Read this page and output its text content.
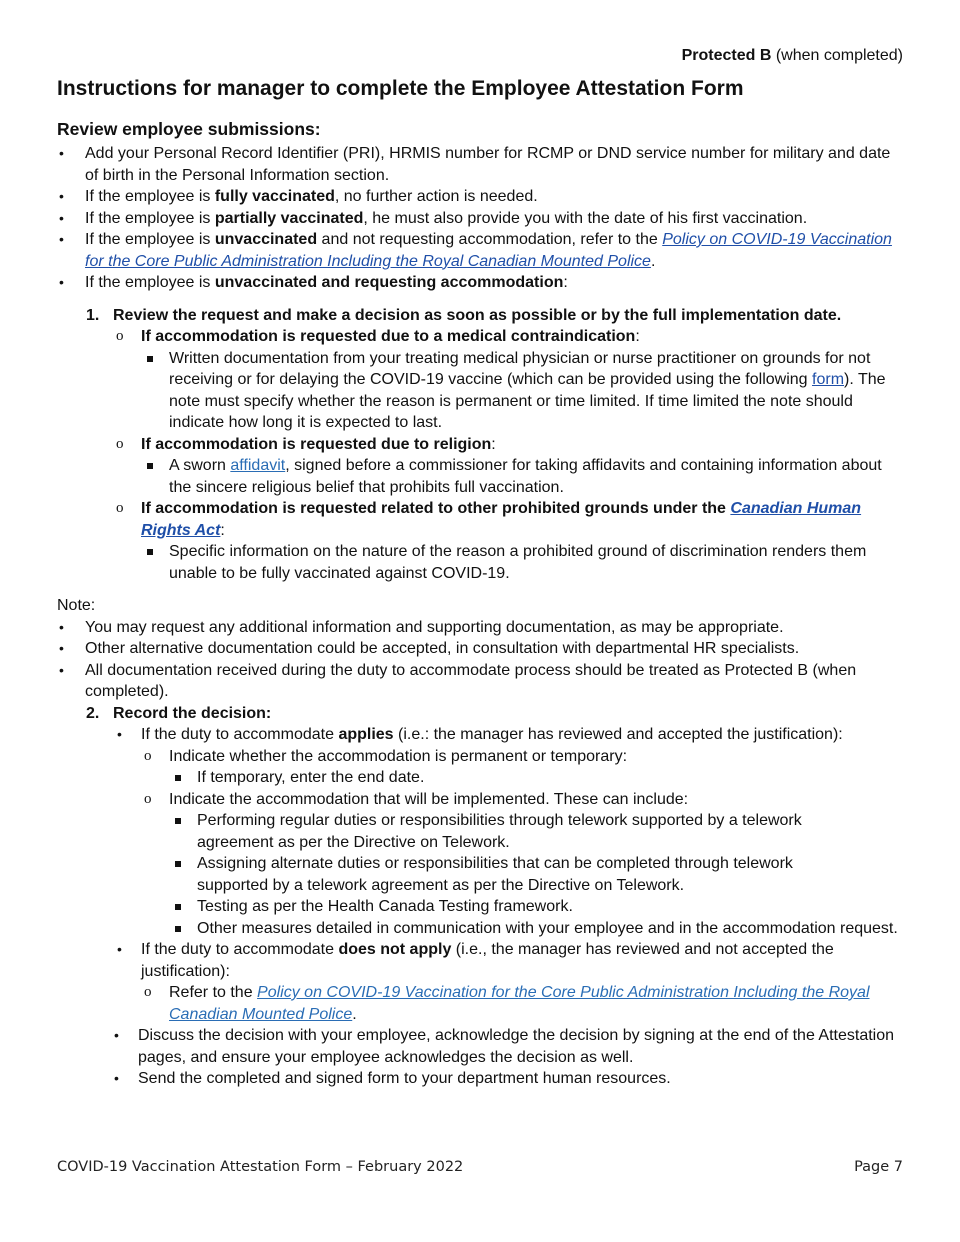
Protected B (when completed)
Instructions for manager to complete the Employee Attestation Form
Review employee submissions:
• Add your Personal Record Identifier (PRI), HRMIS number for RCMP or DND service number for military and date of birth in the Personal Information section.
• If the employee is fully vaccinated, no further action is needed.
• If the employee is partially vaccinated, he must also provide you with the date of his first vaccination.
• If the employee is unvaccinated and not requesting accommodation, refer to the Policy on COVID-19 Vaccination for the Core Public Administration Including the Royal Canadian Mounted Police.
• If the employee is unvaccinated and requesting accommodation:
1. Review the request and make a decision as soon as possible or by the full implementation date.
o If accommodation is requested due to a medical contraindication:
Written documentation from your treating medical physician or nurse practitioner on grounds for not receiving or for delaying the COVID-19 vaccine (which can be provided using the following form). The note must specify whether the reason is permanent or time limited. If time limited the note should indicate how long it is expected to last.
o If accommodation is requested due to religion:
A sworn affidavit, signed before a commissioner for taking affidavits and containing information about the sincere religious belief that prohibits full vaccination.
o If accommodation is requested related to other prohibited grounds under the Canadian Human Rights Act:
Specific information on the nature of the reason a prohibited ground of discrimination renders them unable to be fully vaccinated against COVID-19.
Note:
• You may request any additional information and supporting documentation, as may be appropriate.
• Other alternative documentation could be accepted, in consultation with departmental HR specialists.
• All documentation received during the duty to accommodate process should be treated as Protected B (when completed).
2. Record the decision:
• If the duty to accommodate applies (i.e.: the manager has reviewed and accepted the justification):
o Indicate whether the accommodation is permanent or temporary:
If temporary, enter the end date.
o Indicate the accommodation that will be implemented. These can include:
Performing regular duties or responsibilities through telework supported by a telework agreement as per the Directive on Telework.
Assigning alternate duties or responsibilities that can be completed through telework supported by a telework agreement as per the Directive on Telework.
Testing as per the Health Canada Testing framework.
Other measures detailed in communication with your employee and in the accommodation request.
• If the duty to accommodate does not apply (i.e., the manager has reviewed and not accepted the justification):
o Refer to the Policy on COVID-19 Vaccination for the Core Public Administration Including the Royal Canadian Mounted Police.
• Discuss the decision with your employee, acknowledge the decision by signing at the end of the Attestation pages, and ensure your employee acknowledges the decision as well.
• Send the completed and signed form to your department human resources.
COVID-19 Vaccination Attestation Form – February 2022	Page 7
